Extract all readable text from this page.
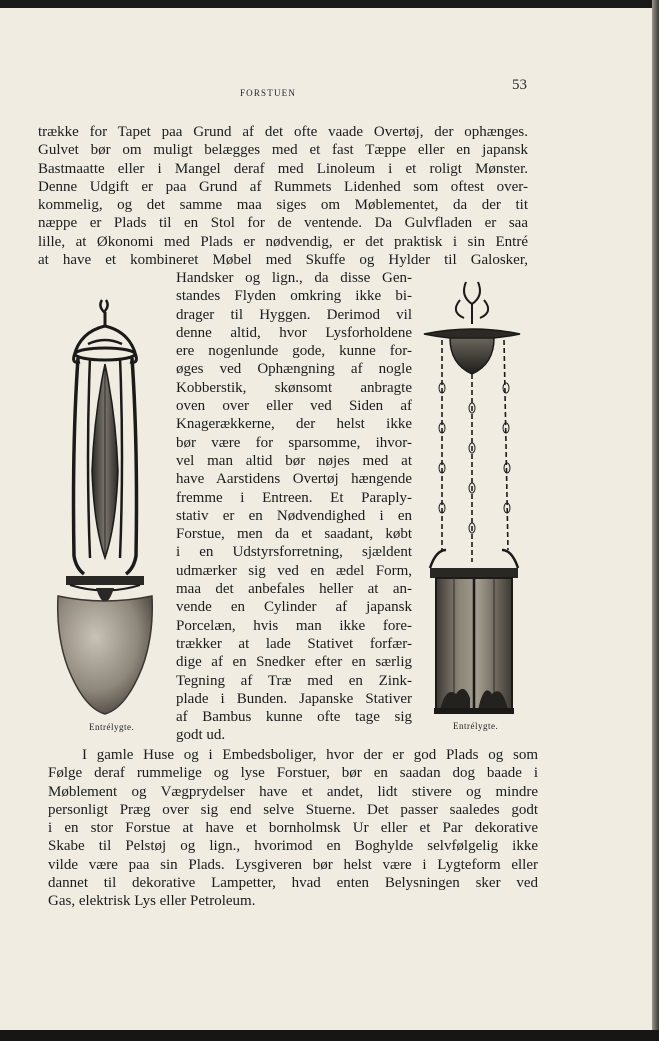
FORSTUEN	53
trække for Tapet paa Grund af det ofte vaade Overtøj, der ophænges.
Gulvet bør om muligt belægges med et fast Tæppe eller en japansk
Bastmaatte eller i Mangel deraf med Linoleum i et roligt Mønster.
Denne Udgift er paa Grund af Rummets Lidenhed som oftest over-
kommelig, og det samme maa siges om Møblementet, da der tit
næppe er Plads til en Stol for de ventende. Da Gulvfladen er saa
lille, at Økonomi med Plads er nødvendig, er det praktisk i sin Entré
at have et kombineret Møbel med Skuffe og Hylder til Galosker,
Handsker og lign., da disse Gen-
standes Flyden omkring ikke bi-
drager til Hyggen. Derimod vil
denne altid, hvor Lysforholdene
ere nogenlunde gode, kunne for-
øges ved Ophængning af nogle
Kobberstik, skønsomt anbragte
oven over eller ved Siden af
Knagerækkerne, der helst ikke
bør være for sparsomme, ihvor-
vel man altid bør nøjes med at
have Aarstidens Overtøj hængende
fremme i Entreen. Et Paraply-
stativ er en Nødvendighed i en
Forstue, men da et saadant, købt
i en Udstyrsforretning, sjældent
udmærker sig ved en ædel Form,
maa det anbefales heller at an-
vende en Cylinder af japansk
Porcelæn, hvis man ikke fore-
trækker at lade Stativet forfær-
dige af en Snedker efter en særlig
Tegning af Træ med en Zink-
plade i Bunden. Japanske Stativer
af Bambus kunne ofte tage sig
godt ud.
I gamle Huse og i Embedsboliger, hvor der er god Plads og som
Følge deraf rummelige og lyse Forstuer, bør en saadan dog baade i
Møblement og Vægprydelser have et andet, lidt stivere og mindre
personligt Præg over sig end selve Stuerne. Det passer saaledes godt
i en stor Forstue at have et bornholmsk Ur eller et Par dekorative
Skabe til Pelstøj og lign., hvorimod en Boghylde selvfølgelig ikke
vilde være paa sin Plads. Lysgiveren bør helst være i Lygteform eller
dannet til dekorative Lampetter, hvad enten Belysningen sker ved
Gas, elektrisk Lys eller Petroleum.
Entrélygte.	Entrélygte.
